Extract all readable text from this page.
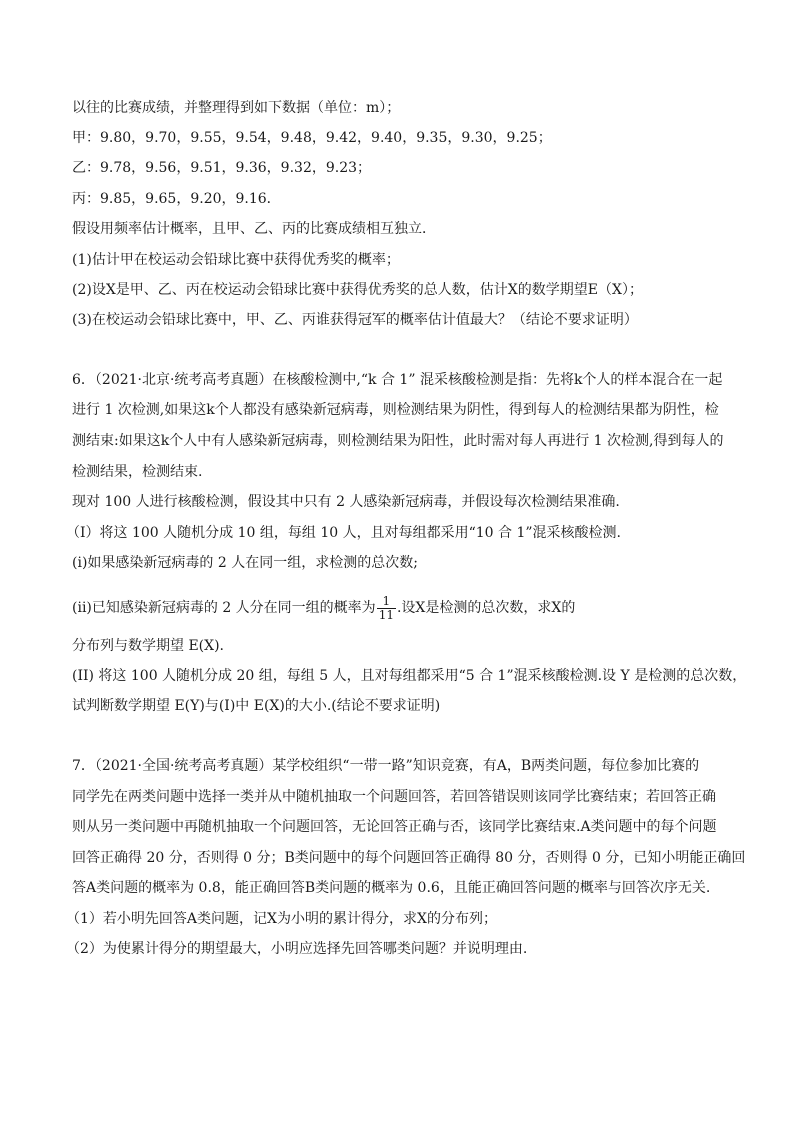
以往的比赛成绩，并整理得到如下数据（单位：m）；
甲：9.80，9.70，9.55，9.54，9.48，9.42，9.40，9.35，9.30，9.25；
乙：9.78，9.56，9.51，9.36，9.32，9.23；
丙：9.85，9.65，9.20，9.16．
假设用频率估计概率，且甲、乙、丙的比赛成绩相互独立．
(1)估计甲在校运动会铅球比赛中获得优秀奖的概率；
(2)设X是甲、乙、丙在校运动会铅球比赛中获得优秀奖的总人数，估计X的数学期望E（X）；
(3)在校运动会铅球比赛中，甲、乙、丙谁获得冠军的概率估计值最大？（结论不要求证明）
6．（2021·北京·统考高考真题）在核酸检测中,“k 合 1” 混采核酸检测是指：先将k个人的样本混合在一起
进行 1 次检测,如果这k个人都没有感染新冠病毒，则检测结果为阴性，得到每人的检测结果都为阴性，检
测结束:如果这k个人中有人感染新冠病毒，则检测结果为阳性，此时需对每人再进行 1 次检测,得到每人的
检测结果，检测结束.
现对 100 人进行核酸检测，假设其中只有 2 人感染新冠病毒，并假设每次检测结果准确.
（I）将这 100 人随机分成 10 组，每组 10 人，且对每组都采用“10 合 1”混采核酸检测.
(i)如果感染新冠病毒的 2 人在同一组，求检测的总次数;
(ii)已知感染新冠病毒的 2 人分在同一组的概率为 $\frac{1}{11}$ .设X是检测的总次数，求X的
分布列与数学期望 E(X).
(II) 将这 100 人随机分成 20 组，每组 5 人，且对每组都采用“5 合 1”混采核酸检测.设 Y 是检测的总次数，
试判断数学期望 E(Y)与(I)中 E(X)的大小.(结论不要求证明)
7．（2021·全国·统考高考真题）某学校组织“一带一路”知识竞赛，有A，B两类问题，每位参加比赛的
同学先在两类问题中选择一类并从中随机抽取一个问题回答，若回答错误则该同学比赛结束；若回答正确
则从另一类问题中再随机抽取一个问题回答，无论回答正确与否，该同学比赛结束.A类问题中的每个问题
回答正确得 20 分，否则得 0 分；B类问题中的每个问题回答正确得 80 分，否则得 0 分，已知小明能正确回
答A类问题的概率为 0.8，能正确回答B类问题的概率为 0.6，且能正确回答问题的概率与回答次序无关.
（1）若小明先回答A类问题，记X为小明的累计得分，求X的分布列；
（2）为使累计得分的期望最大，小明应选择先回答哪类问题？并说明理由.
